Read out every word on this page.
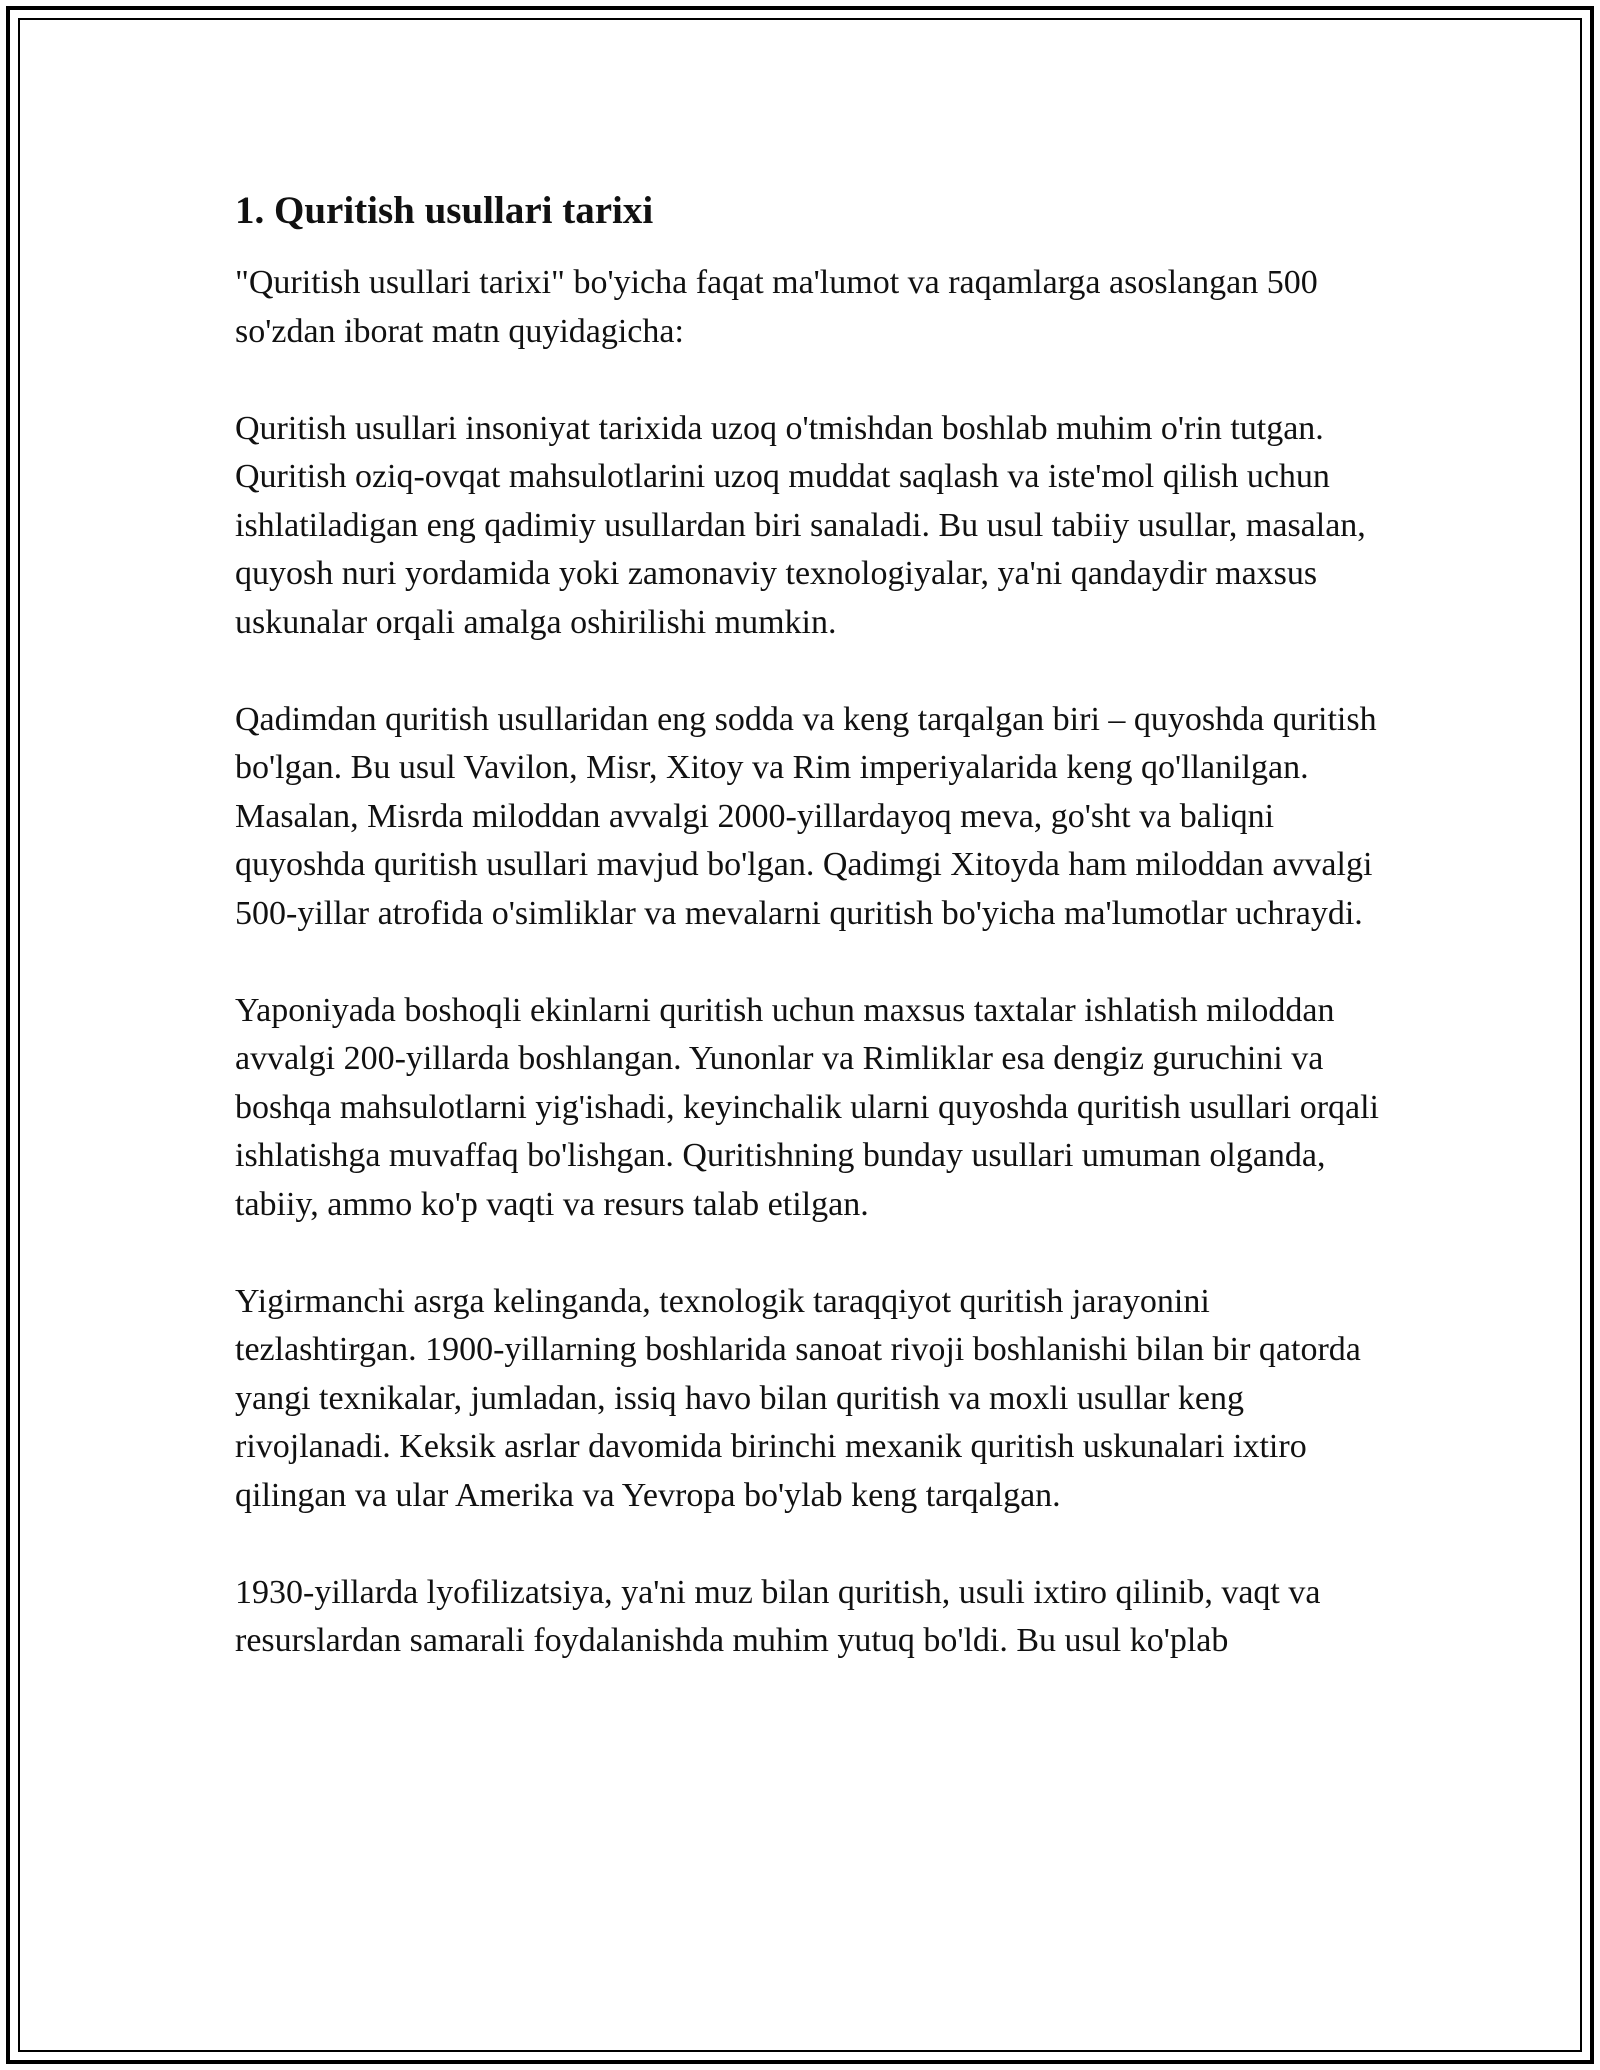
1. Quritish usullari tarixi

"Quritish usullari tarixi" bo'yicha faqat ma'lumot va raqamlarga asoslangan 500 so'zdan iborat matn quyidagicha:

Quritish usullari insoniyat tarixida uzoq o'tmishdan boshlab muhim o'rin tutgan. Quritish oziq-ovqat mahsulotlarini uzoq muddat saqlash va iste'mol qilish uchun ishlatiladigan eng qadimiy usullardan biri sanaladi. Bu usul tabiiy usullar, masalan, quyosh nuri yordamida yoki zamonaviy texnologiyalar, ya'ni qandaydir maxsus uskunalar orqali amalga oshirilishi mumkin.

Qadimdan quritish usullaridan eng sodda va keng tarqalgan biri – quyoshda quritish bo'lgan. Bu usul Vavilon, Misr, Xitoy va Rim imperiyalarida keng qo'llanilgan. Masalan, Misrda miloddan avvalgi 2000-yillardayoq meva, go'sht va baliqni quyoshda quritish usullari mavjud bo'lgan. Qadimgi Xitoyda ham miloddan avvalgi 500-yillar atrofida o'simliklar va mevalarni quritish bo'yicha ma'lumotlar uchraydi.

Yaponiyada boshoqli ekinlarni quritish uchun maxsus taxtalar ishlatish miloddan avvalgi 200-yillarda boshlangan. Yunonlar va Rimliklar esa dengiz guruchini va boshqa mahsulotlarni yig'ishadi, keyinchalik ularni quyoshda quritish usullari orqali ishlatishga muvaffaq bo'lishgan. Quritishning bunday usullari umuman olganda, tabiiy, ammo ko'p vaqti va resurs talab etilgan.

Yigirmanchi asrga kelinganda, texnologik taraqqiyot quritish jarayonini tezlashtirgan. 1900-yillarning boshlarida sanoat rivoji boshlanishi bilan bir qatorda yangi texnikalar, jumladan, issiq havo bilan quritish va moxli usullar keng rivojlanadi. Keksik asrlar davomida birinchi mexanik quritish uskunalari ixtiro qilingan va ular Amerika va Yevropa bo'ylab keng tarqalgan.

1930-yillarda lyofilizatsiya, ya'ni muz bilan quritish, usuli ixtiro qilinib, vaqt va resurslardan samarali foydalanishda muhim yutuq bo'ldi. Bu usul ko'plab
